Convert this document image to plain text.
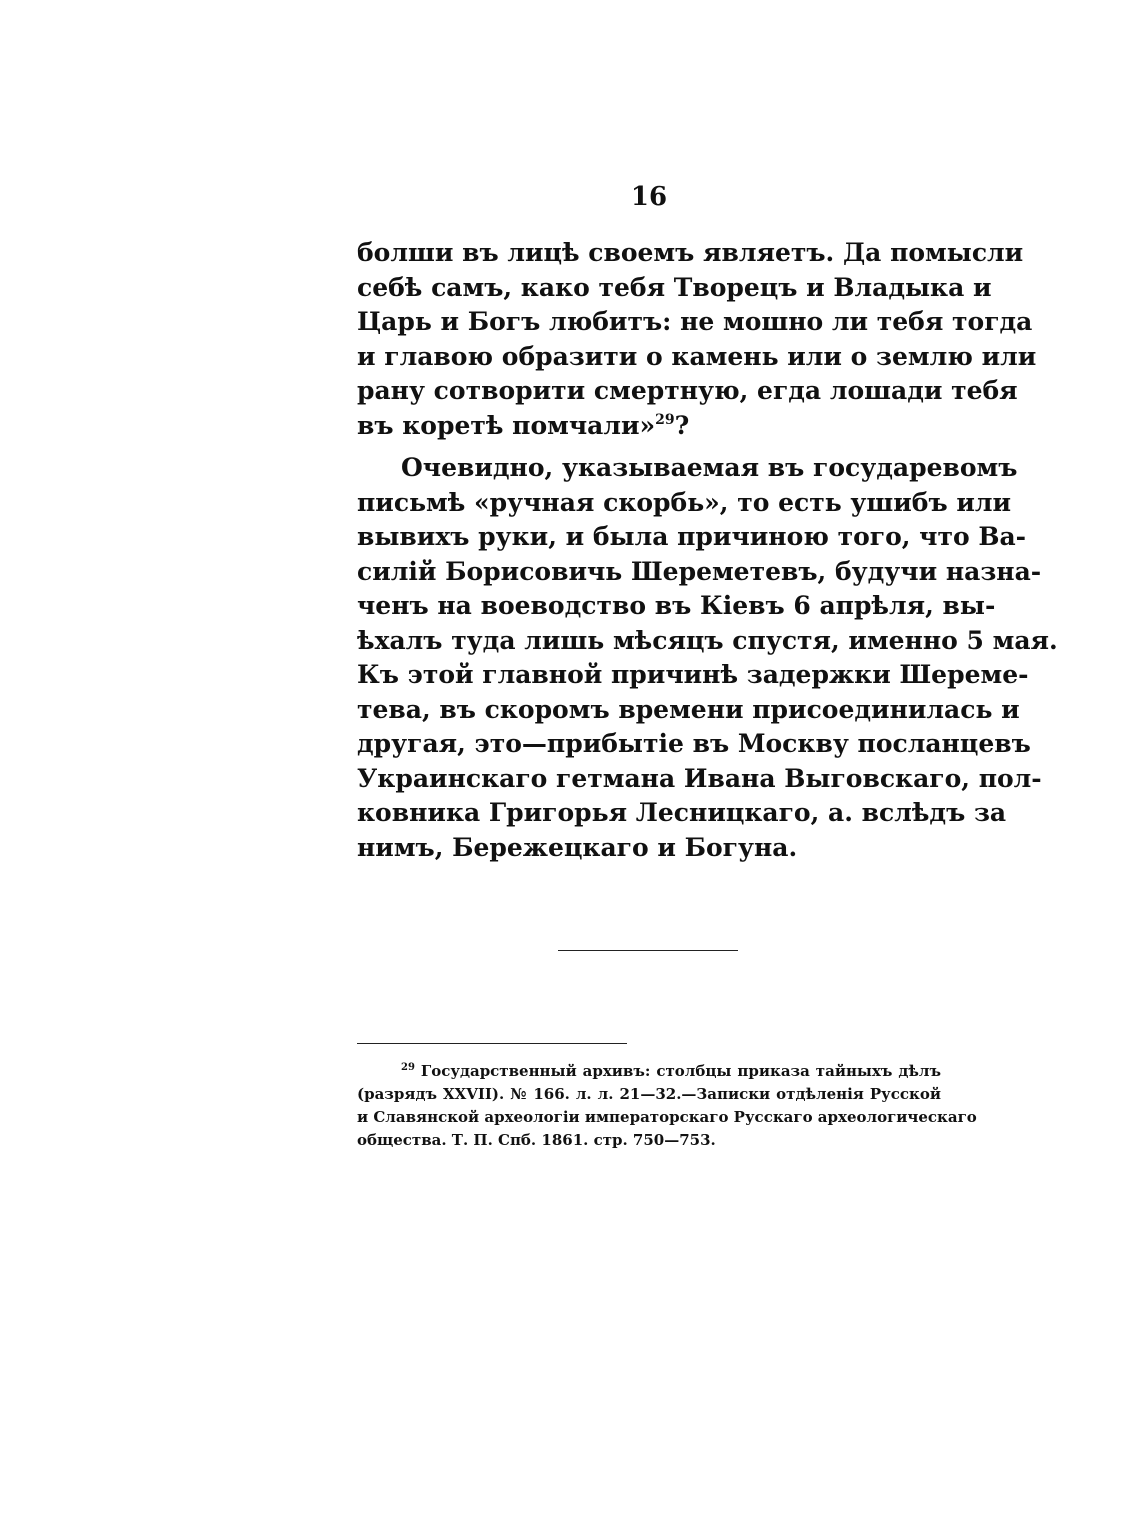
16
болши въ лицѣ своемъ являетъ. Да помысли
себѣ самъ, како тебя Творецъ и Владыка и
Царь и Богъ любитъ: не мошно ли тебя тогда
и главою образити о камень или о землю или
рану сотворити смертную, егда лошади тебя
въ коретѣ помчали»$^{29}$?
Очевидно, указываемая въ государевомъ
письмѣ «ручная скорбь», то есть ушибъ или
вывихъ руки, и была причиною того, что Ва-
силій Борисовичь Шереметевъ, будучи назна-
ченъ на воеводство въ Кіевъ 6 апрѣля, вы-
ѣхалъ туда лишь мѣсяцъ спустя, именно 5 мая.
Къ этой главной причинѣ задержки Шереме-
тева, въ скоромъ времени присоединилась и
другая, это—прибытіе въ Москву посланцевъ
Украинскаго гетмана Ивана Выговскаго, пол-
ковника Григорья Лесницкаго, а. вслѣдъ за
нимъ, Бережецкаго и Богуна.
$^{29}$ Государственный архивъ: столбцы приказа тайныхъ дѣлъ
(разрядъ XXVII). № 166. л. л. 21—32.—Записки отдѣленія Русской
и Славянской археологіи императорскаго Русскаго археологическаго
общества. Т. П. Спб. 1861. стр. 750—753.
